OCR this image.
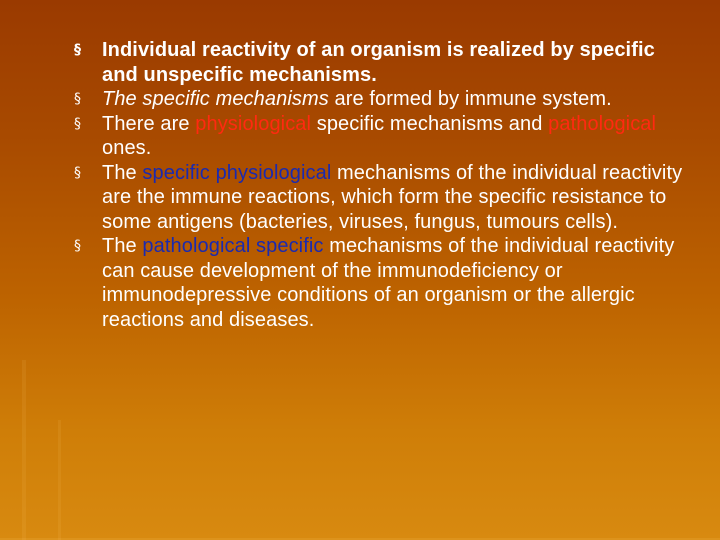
§ Individual reactivity of an organism is realized by specific and unspecific mechanisms.
§ The specific mechanisms are formed by immune system.
§ There are physiological specific mechanisms and pathological ones.
§ The specific physiological mechanisms of the individual reactivity are the immune reactions, which form the specific resistance to some antigens (bacteries, viruses, fungus, tumours cells).
§ The pathological specific mechanisms of the individual reactivity can cause development of the immunodeficiency or immunodepressive conditions of an organism or the allergic reactions and diseases.
